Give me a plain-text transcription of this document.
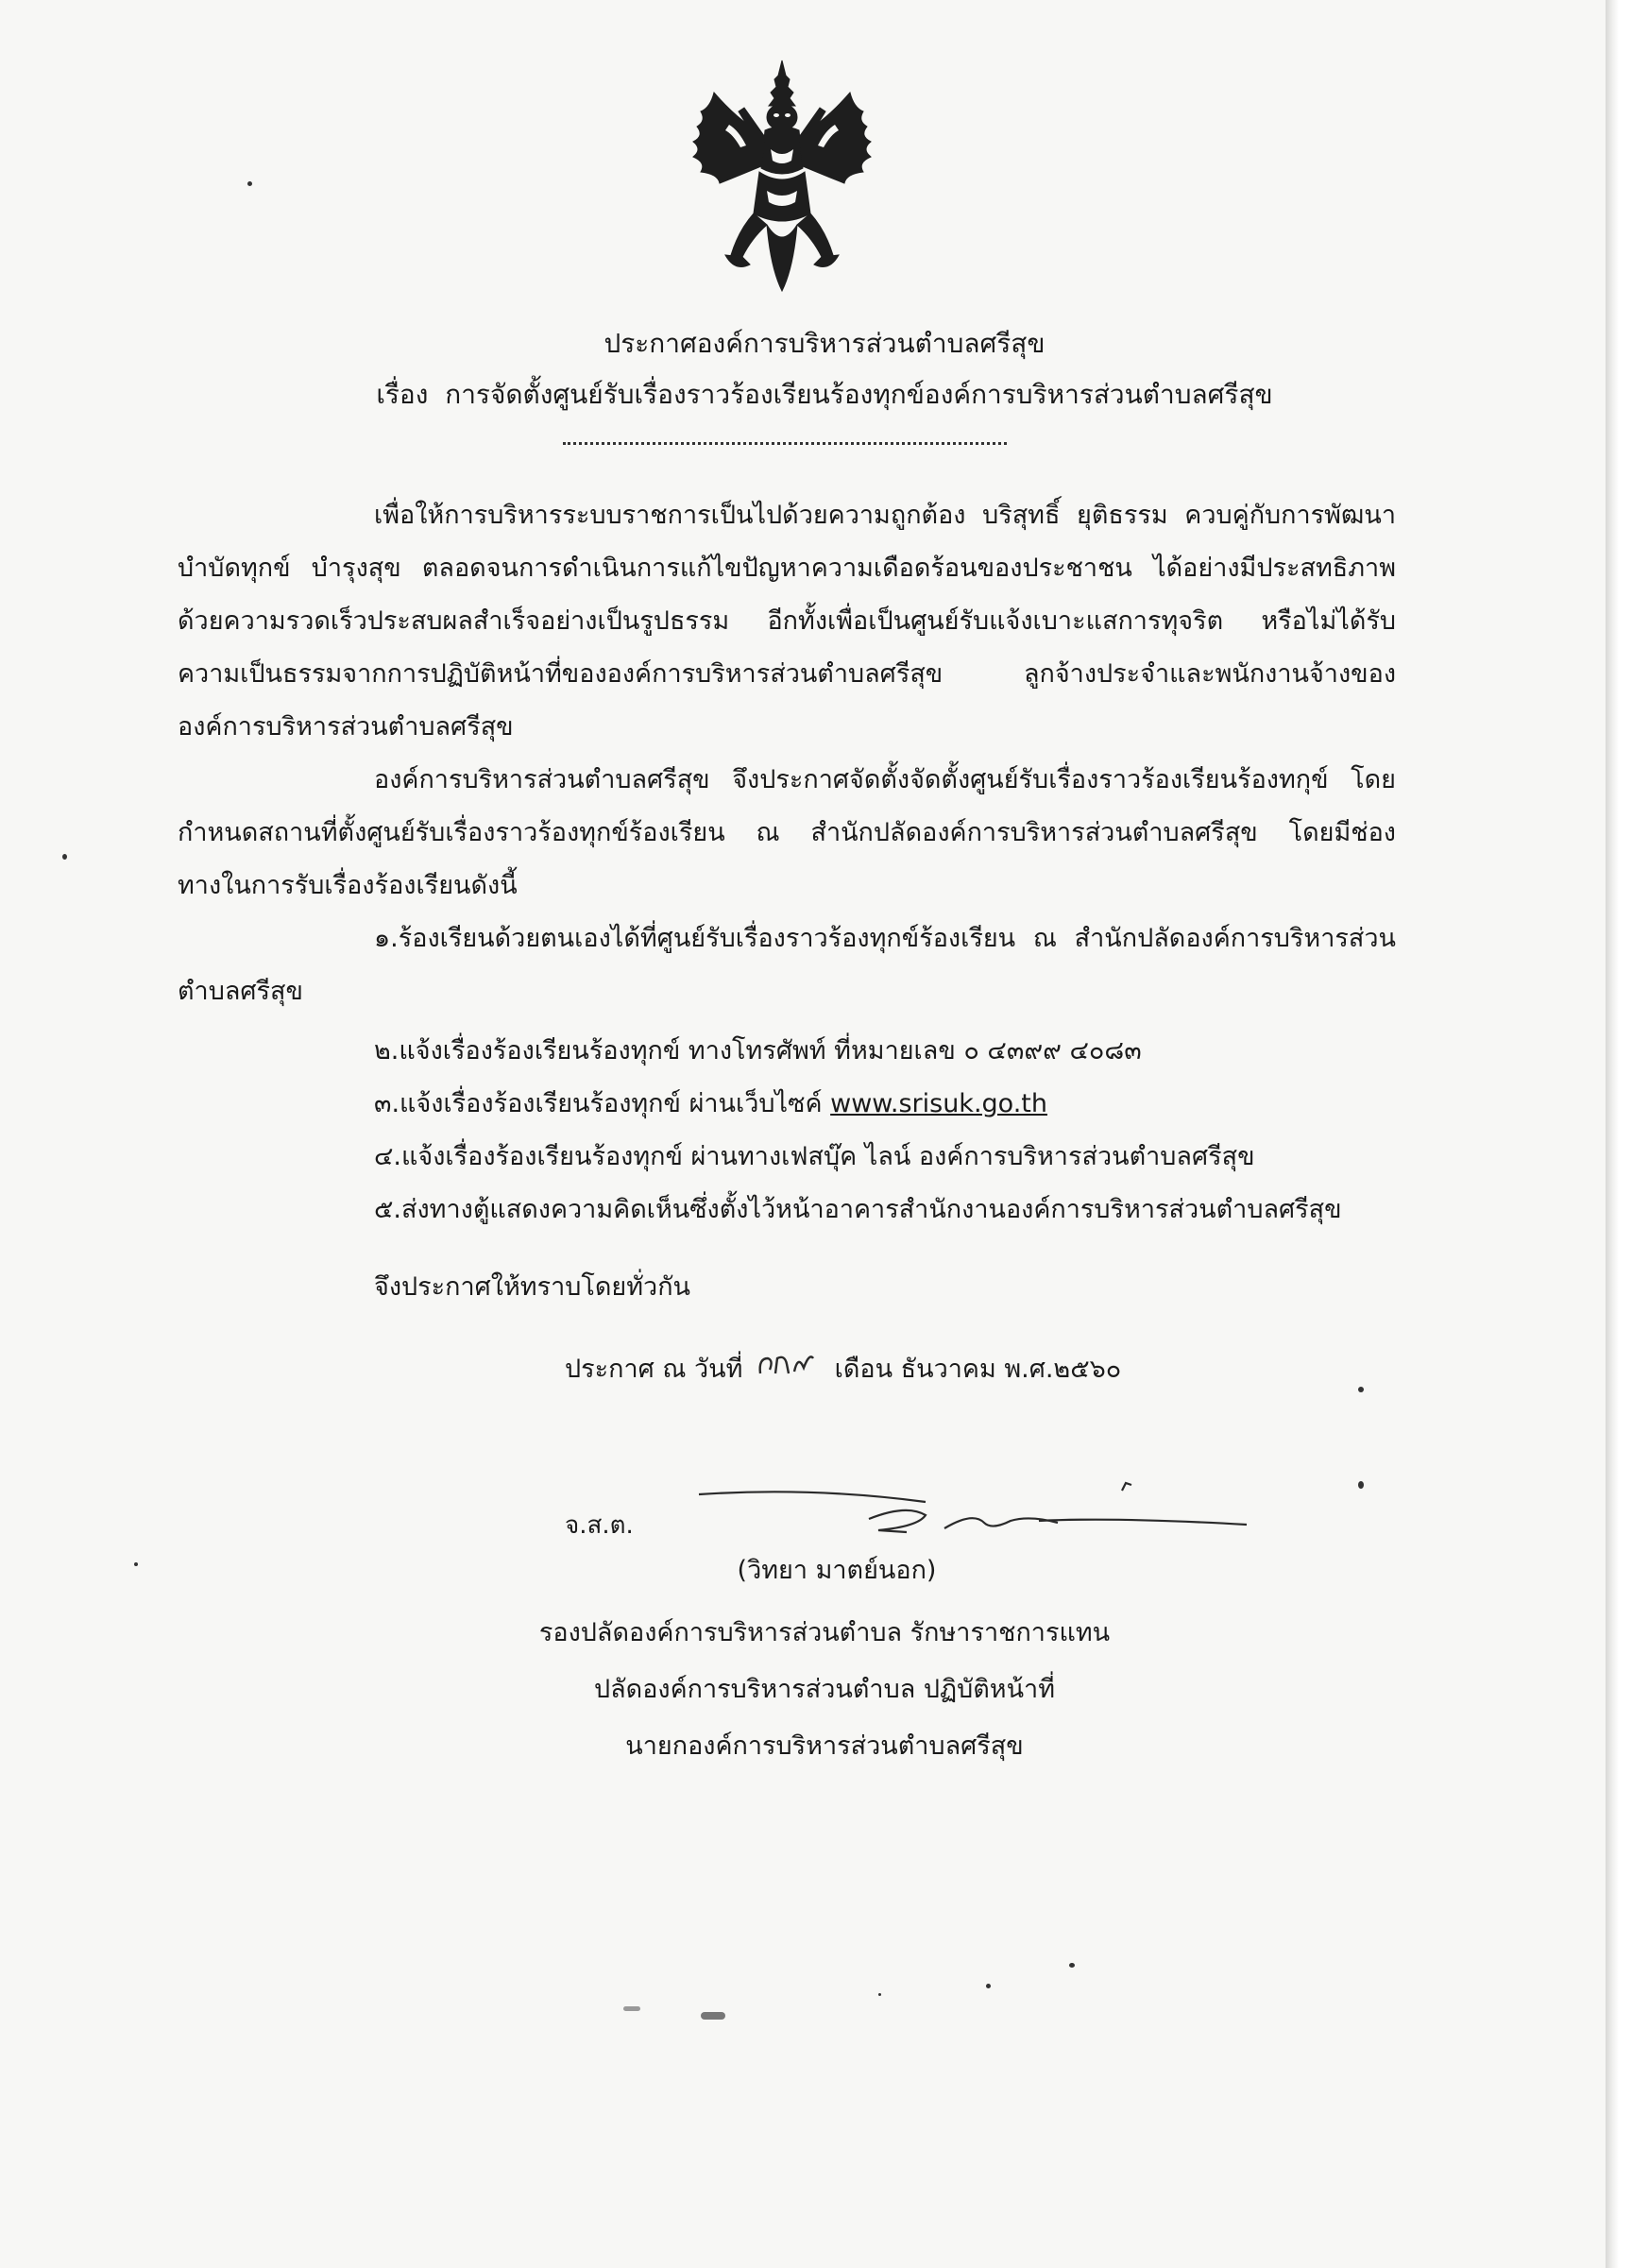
ประกาศองค์การบริหารส่วนตำบลศรีสุข
เรื่อง การจัดตั้งศูนย์รับเรื่องราวร้องเรียนร้องทุกข์องค์การบริหารส่วนตำบลศรีสุข

เพื่อให้การบริหารระบบราชการเป็นไปด้วยความถูกต้อง บริสุทธิ์ ยุติธรรม ควบคู่กับการพัฒนา บำบัดทุกข์ บำรุงสุข ตลอดจนการดำเนินการแก้ไขปัญหาความเดือดร้อนของประชาชน ได้อย่างมีประสทธิภาพ ด้วยความรวดเร็วประสบผลสำเร็จอย่างเป็นรูปธรรม อีกทั้งเพื่อเป็นศูนย์รับแจ้งเบาะแสการทุจริต หรือไม่ได้รับความเป็นธรรมจากการปฏิบัติหน้าที่ขององค์การบริหารส่วนตำบลศรีสุข ลูกจ้างประจำและพนักงานจ้างขององค์การบริหารส่วนตำบลศรีสุข

องค์การบริหารส่วนตำบลศรีสุข จึงประกาศจัดตั้งจัดตั้งศูนย์รับเรื่องราวร้องเรียนร้องทกุข์ โดยกำหนดสถานที่ตั้งศูนย์รับเรื่องราวร้องทุกข์ร้องเรียน ณ สำนักปลัดองค์การบริหารส่วนตำบลศรีสุข โดยมีช่องทางในการรับเรื่องร้องเรียนดังนี้

๑.ร้องเรียนด้วยตนเองได้ที่ศูนย์รับเรื่องราวร้องทุกข์ร้องเรียน ณ สำนักปลัดองค์การบริหารส่วนตำบลศรีสุข

๒.แจ้งเรื่องร้องเรียนร้องทุกข์ ทางโทรศัพท์ ที่หมายเลข ๐ ๔๓๙๙ ๔๐๘๓
๓.แจ้งเรื่องร้องเรียนร้องทุกข์ ผ่านเว็บไซค์ www.srisuk.go.th
๔.แจ้งเรื่องร้องเรียนร้องทุกข์ ผ่านทางเฟสบุ๊ค ไลน์ องค์การบริหารส่วนตำบลศรีสุข
๕.ส่งทางตู้แสดงความคิดเห็นซึ่งตั้งไว้หน้าอาคารสำนักงานองค์การบริหารส่วนตำบลศรีสุข
จึงประกาศให้ทราบโดยทั่วกัน
ประกาศ ณ วันที่	เดือน ธันวาคม พ.ศ.๒๕๖๐
จ.ส.ต.
(วิทยา มาตย์นอก)
รองปลัดองค์การบริหารส่วนตำบล รักษาราชการแทน
ปลัดองค์การบริหารส่วนตำบล ปฏิบัติหน้าที่
นายกองค์การบริหารส่วนตำบลศรีสุข
